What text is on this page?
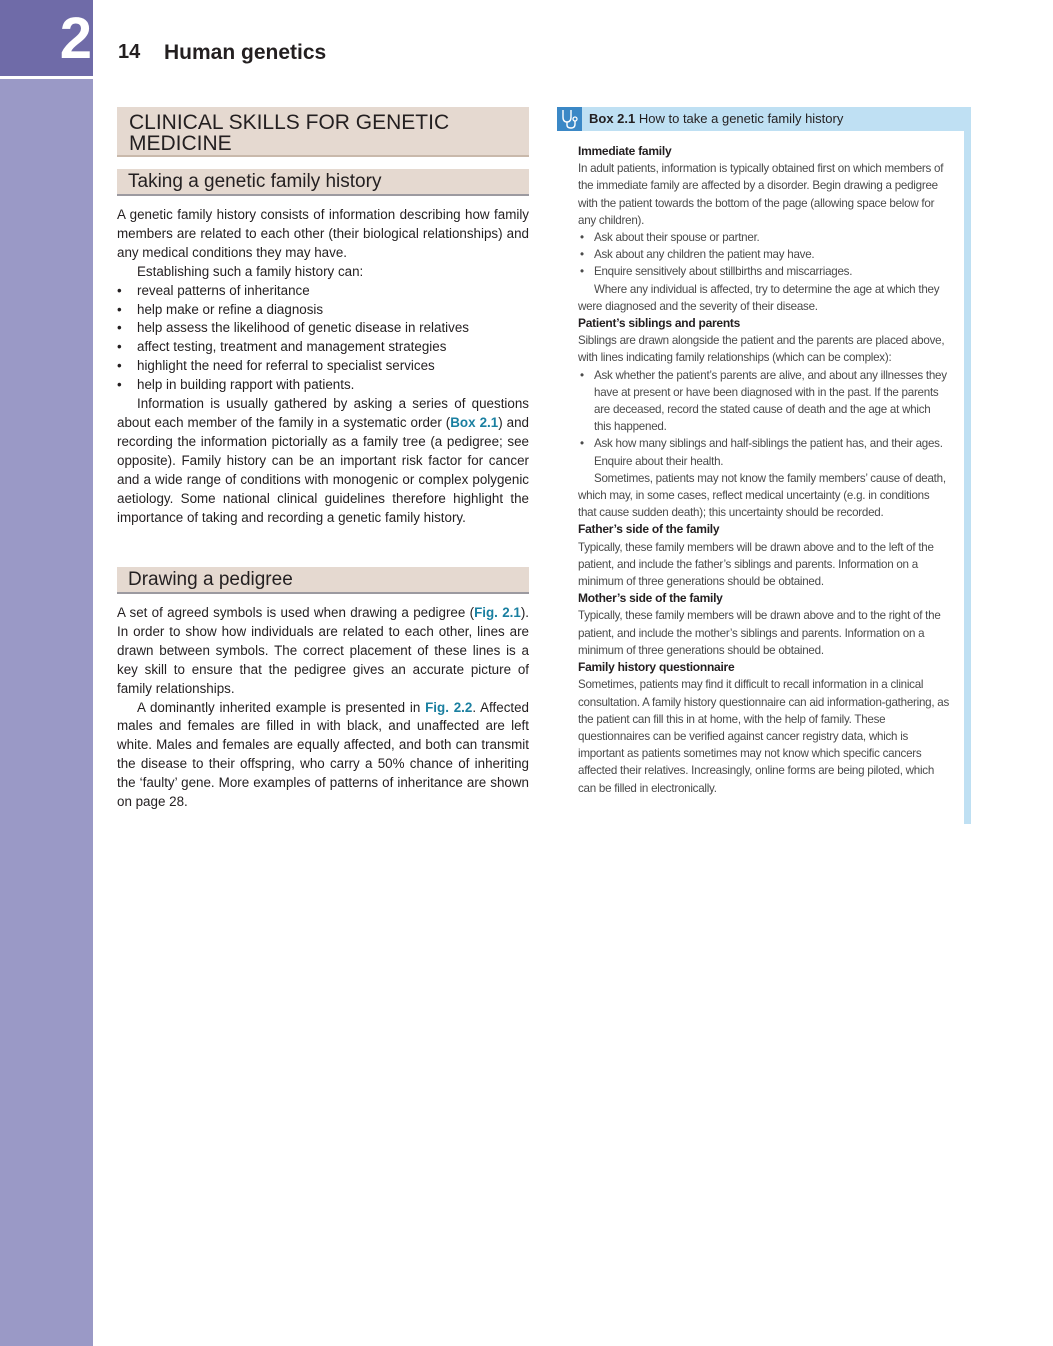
2 14 Human genetics
CLINICAL SKILLS FOR GENETIC MEDICINE
Taking a genetic family history

A genetic family history consists of information describing how family members are related to each other (their biological relationships) and any medical conditions they may have.

Establishing such a family history can:

• reveal patterns of inheritance
• help make or refine a diagnosis
• help assess the likelihood of genetic disease in relatives
• affect testing, treatment and management strategies
• highlight the need for referral to specialist services
• help in building rapport with patients.

Information is usually gathered by asking a series of questions about each member of the family in a systematic order (Box 2.1) and recording the information pictorially as a family tree (a pedigree; see opposite). Family history can be an important risk factor for cancer and a wide range of conditions with monogenic or complex polygenic aetiology. Some national clinical guidelines therefore highlight the importance of taking and recording a genetic family history.

Drawing a pedigree

A set of agreed symbols is used when drawing a pedigree (Fig. 2.1). In order to show how individuals are related to each other, lines are drawn between symbols. The correct placement of these lines is a key skill to ensure that the pedigree gives an accurate picture of family relationships.

A dominantly inherited example is presented in Fig. 2.2. Affected males and females are filled in with black, and unaffected are left white. Males and females are equally affected, and both can transmit the disease to their offspring, who carry a 50% chance of inheriting the ‘faulty’ gene. More examples of patterns of inheritance are shown on page 28.

Box 2.1 How to take a genetic family history

Immediate family

In adult patients, information is typically obtained first on which members of the immediate family are affected by a disorder. Begin drawing a pedigree with the patient towards the bottom of the page (allowing space below for any children).

• Ask about their spouse or partner.
• Ask about any children the patient may have.
• Enquire sensitively about stillbirths and miscarriages.

Where any individual is affected, try to determine the age at which they were diagnosed and the severity of their disease.

Patient’s siblings and parents

Siblings are drawn alongside the patient and the parents are placed above, with lines indicating family relationships (which can be complex):

• Ask whether the patient’s parents are alive, and about any illnesses they have at present or have been diagnosed with in the past. If the parents are deceased, record the stated cause of death and the age at which this happened.
• Ask how many siblings and half-siblings the patient has, and their ages. Enquire about their health.

Sometimes, patients may not know the family members’ cause of death, which may, in some cases, reflect medical uncertainty (e.g. in conditions that cause sudden death); this uncertainty should be recorded.

Father’s side of the family

Typically, these family members will be drawn above and to the left of the patient, and include the father’s siblings and parents. Information on a minimum of three generations should be obtained.

Mother’s side of the family

Typically, these family members will be drawn above and to the right of the patient, and include the mother’s siblings and parents. Information on a minimum of three generations should be obtained.

Family history questionnaire

Sometimes, patients may find it difficult to recall information in a clinical consultation. A family history questionnaire can aid information-gathering, as the patient can fill this in at home, with the help of family. These questionnaires can be verified against cancer registry data, which is important as patients sometimes may not know which specific cancers affected their relatives. Increasingly, online forms are being piloted, which can be filled in electronically.
